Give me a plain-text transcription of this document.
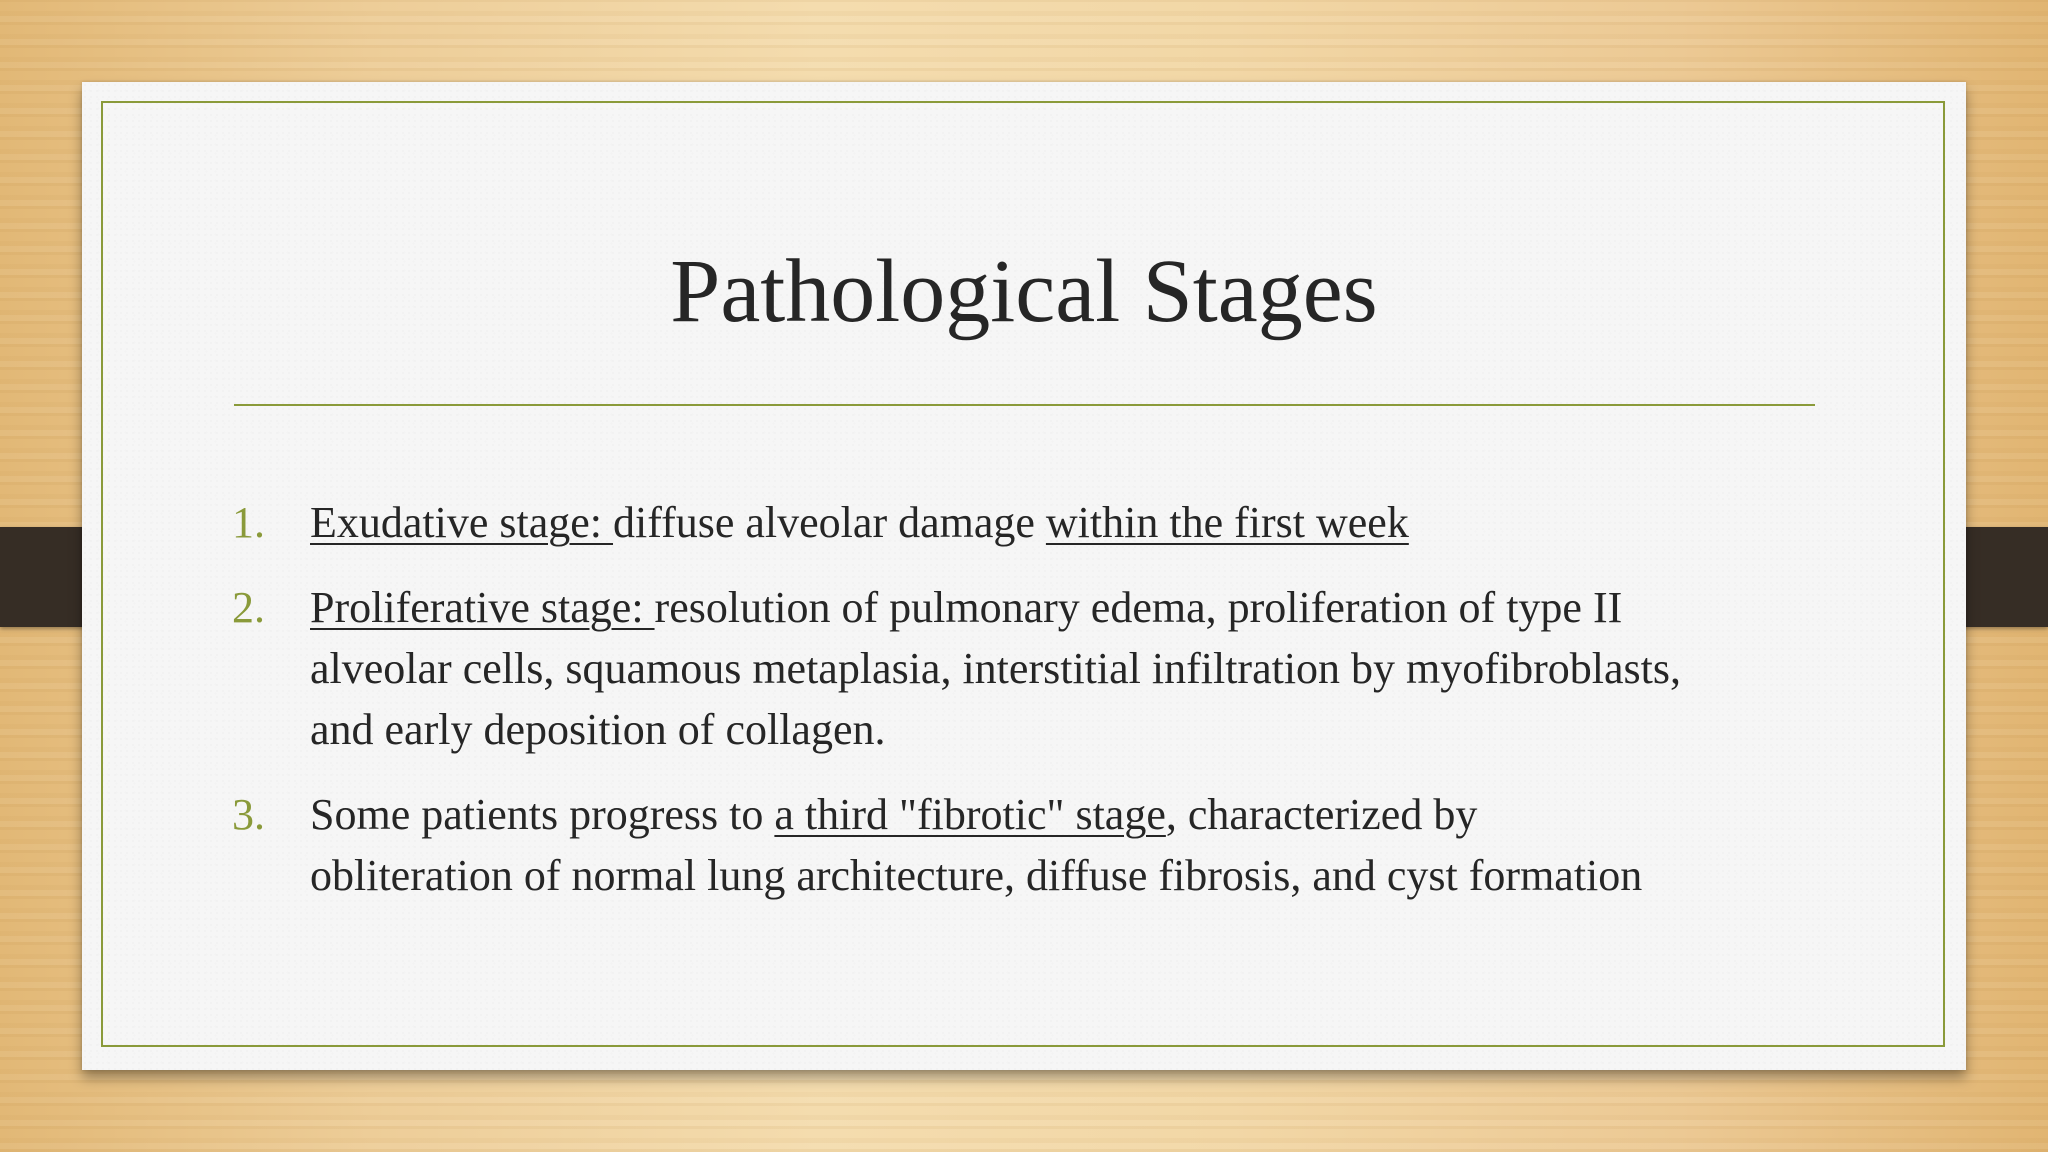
Pathological Stages
1. Exudative stage: diffuse alveolar damage within the first week
2. Proliferative stage: resolution of pulmonary edema, proliferation of type II alveolar cells, squamous metaplasia, interstitial infiltration by myofibroblasts, and early deposition of collagen.
3. Some patients progress to a third "fibrotic" stage, characterized by obliteration of normal lung architecture, diffuse fibrosis, and cyst formation
